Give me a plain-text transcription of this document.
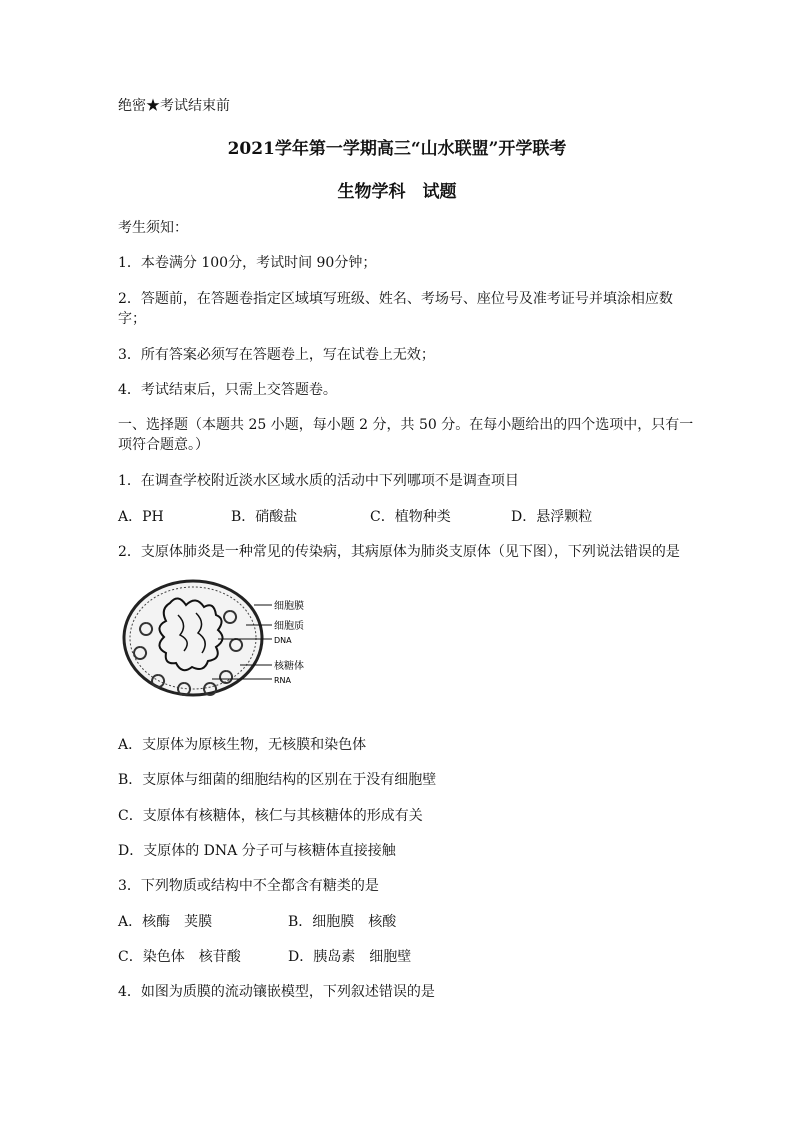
绝密★考试结束前
2021学年第一学期高三“山水联盟”开学联考
生物学科　试题
考生须知：
1．本卷满分 100分，考试时间 90分钟；
2．答题前，在答题卷指定区域填写班级、姓名、考场号、座位号及准考证号并填涂相应数
字；
3．所有答案必须写在答题卷上，写在试卷上无效；
4．考试结束后，只需上交答题卷。
一、选择题（本题共 25 小题，每小题 2 分，共 50 分。在每小题给出的四个选项中，只有一
项符合题意。）
1．在调查学校附近淡水区域水质的活动中下列哪项不是调查项目
A．PH	B．硝酸盐	C．植物种类	D．悬浮颗粒
2．支原体肺炎是一种常见的传染病，其病原体为肺炎支原体（见下图），下列说法错误的是
细胞膜
细胞质
DNA
核糖体
RNA
A．支原体为原核生物，无核膜和染色体
B．支原体与细菌的细胞结构的区别在于没有细胞壁
C．支原体有核糖体，核仁与其核糖体的形成有关
D．支原体的 DNA 分子可与核糖体直接接触
3．下列物质或结构中不全都含有糖类的是
A．核酶　荚膜	B．细胞膜　核酸
C．染色体　核苷酸	D．胰岛素　细胞壁
4．如图为质膜的流动镶嵌模型，下列叙述错误的是
